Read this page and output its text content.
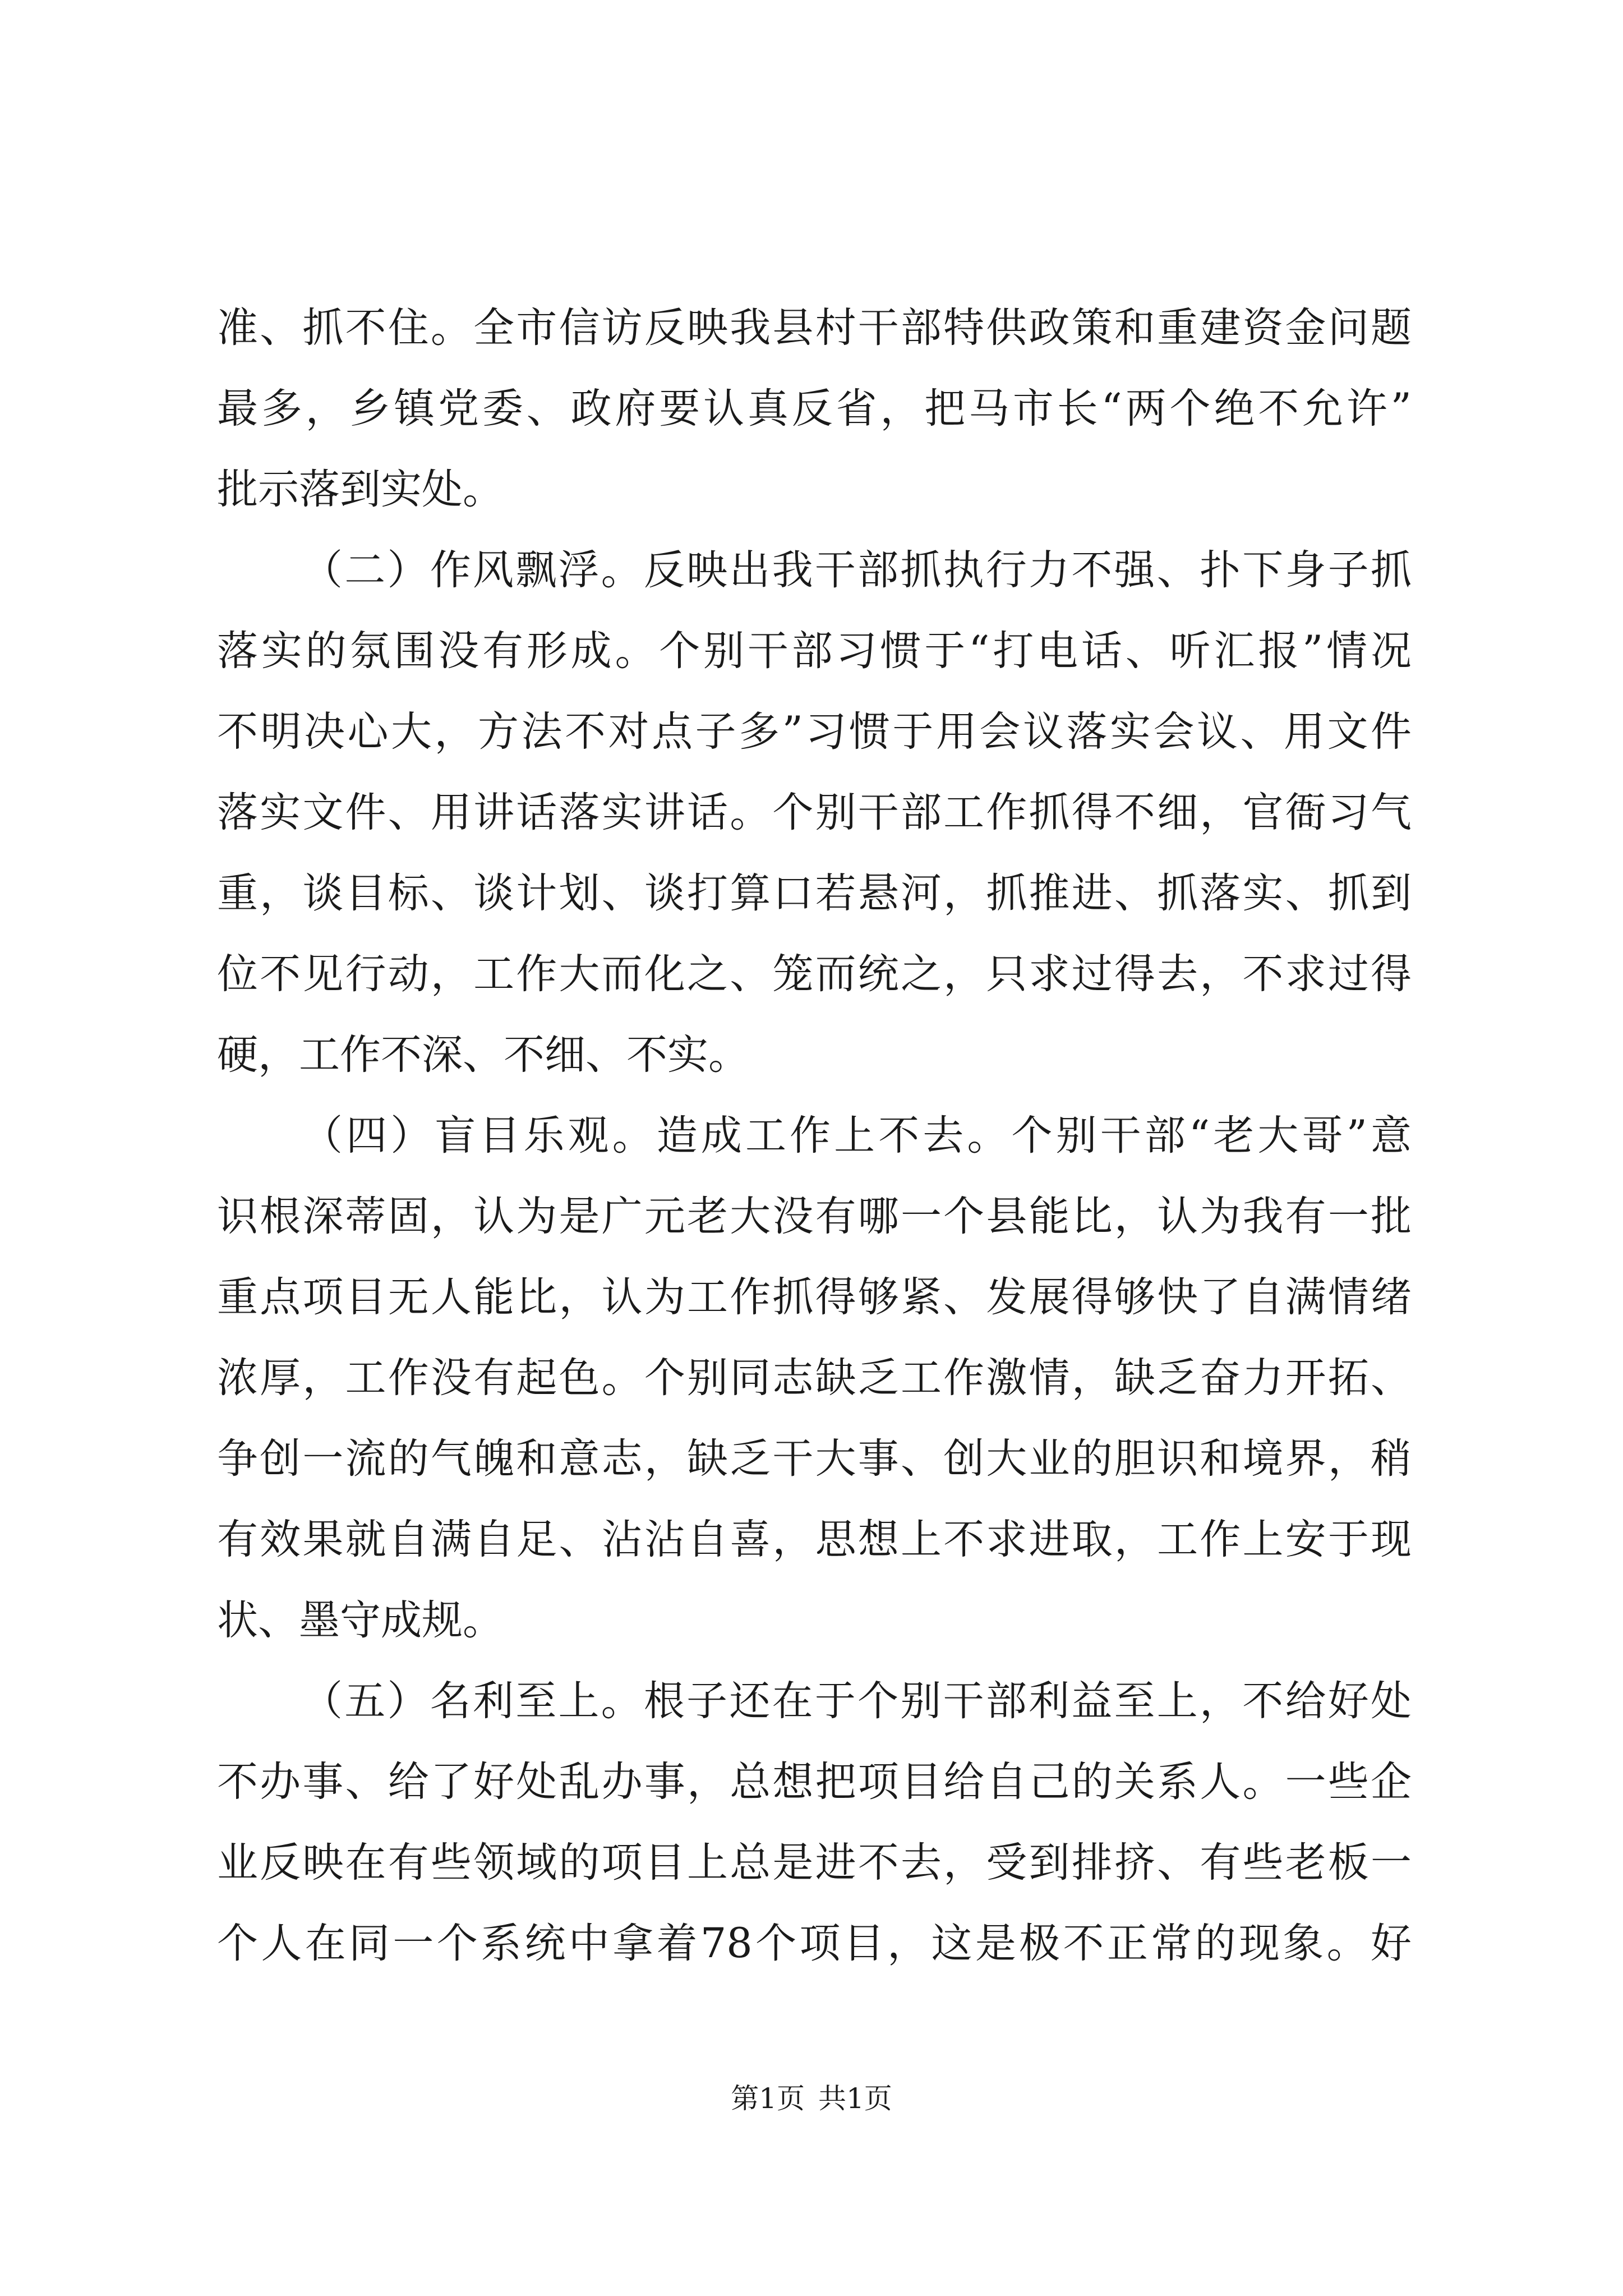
准、抓不住。全市信访反映我县村干部特供政策和重建资金问题
最多，乡镇党委、政府要认真反省，把马市长“两个绝不允许”
批示落到实处。
（二）作风飘浮。反映出我干部抓执行力不强、扑下身子抓
落实的氛围没有形成。个别干部习惯于“打电话、听汇报”情况
不明决心大，方法不对点子多”习惯于用会议落实会议、用文件
落实文件、用讲话落实讲话。个别干部工作抓得不细，官衙习气
重，谈目标、谈计划、谈打算口若悬河，抓推进、抓落实、抓到
位不见行动，工作大而化之、笼而统之，只求过得去，不求过得
硬，工作不深、不细、不实。
（四）盲目乐观。造成工作上不去。个别干部“老大哥”意
识根深蒂固，认为是广元老大没有哪一个县能比，认为我有一批
重点项目无人能比，认为工作抓得够紧、发展得够快了自满情绪
浓厚，工作没有起色。个别同志缺乏工作激情，缺乏奋力开拓、
争创一流的气魄和意志，缺乏干大事、创大业的胆识和境界，稍
有效果就自满自足、沾沾自喜，思想上不求进取，工作上安于现
状、墨守成规。
（五）名利至上。根子还在于个别干部利益至上，不给好处
不办事、给了好处乱办事，总想把项目给自己的关系人。一些企
业反映在有些领域的项目上总是进不去，受到排挤、有些老板一
个人在同一个系统中拿着78个项目，这是极不正常的现象。好
第1页 共1页
